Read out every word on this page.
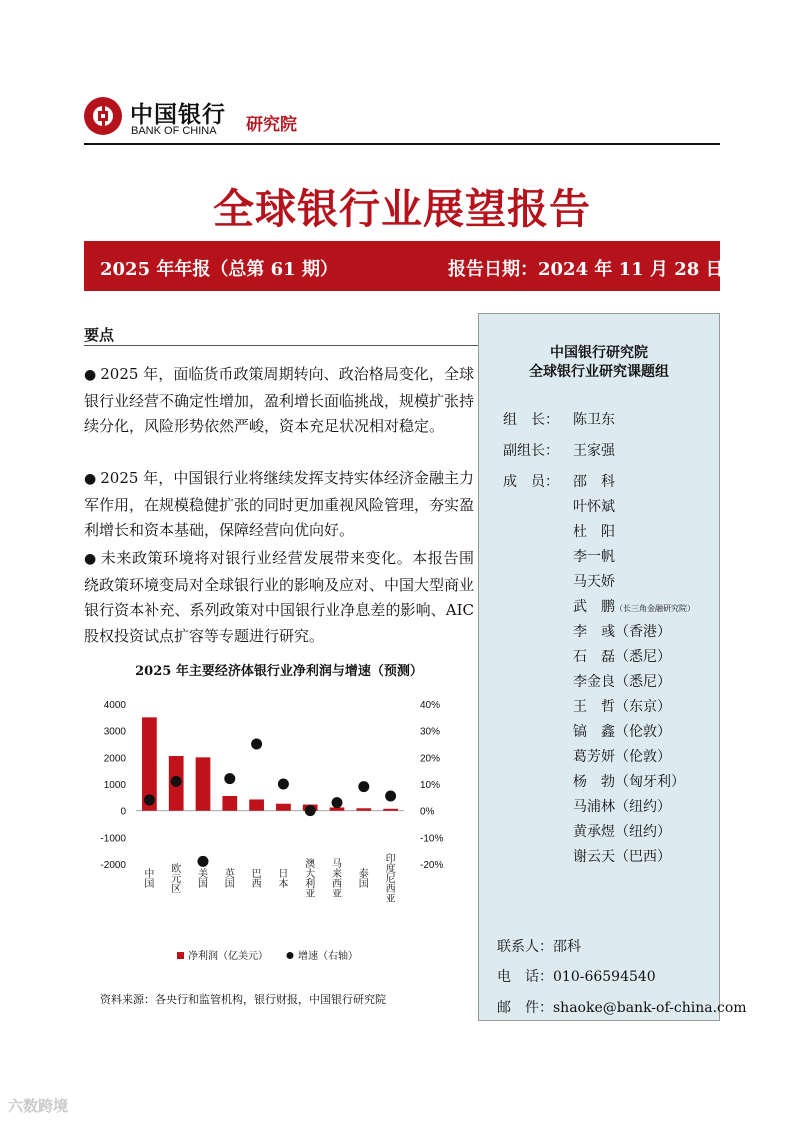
中国银行
BANK OF CHINA 研究院
全球银行业展望报告
2025 年年报（总第 61 期）	报告日期：2024 年 11 月 28 日
要点
● 2025 年，面临货币政策周期转向、政治格局变化，全球银行业经营不确定性增加，盈利增长面临挑战，规模扩张持续分化，风险形势依然严峻，资本充足状况相对稳定。
● 2025 年，中国银行业将继续发挥支持实体经济金融主力军作用，在规模稳健扩张的同时更加重视风险管理，夯实盈利增长和资本基础，保障经营向优向好。
● 未来政策环境将对银行业经营发展带来变化。本报告围绕政策环境变局对全球银行业的影响及应对、中国大型商业银行资本补充、系列政策对中国银行业净息差的影响、AIC 股权投资试点扩容等专题进行研究。
2025 年主要经济体银行业净利润与增速（预测）
4000
3000
2000
1000
0
-1000
-2000
40%
30%
20%
10%
0%
-10%
-20%
中国 欧元区 美国 英国 巴西 日本 澳大利亚 马来西亚 泰国 印度尼西亚
净利润（亿美元）	增速（右轴）
资料来源：各央行和监管机构，银行财报，中国银行研究院
中国银行研究院
全球银行业研究课题组
组　长： 陈卫东
副组长： 王家强
成　员： 邵　科
叶怀斌
杜　阳
李一帆
马天娇
武　鹏（长三角金融研究院）
李　彧（香港）
石　磊（悉尼）
李金良（悉尼）
王　哲（东京）
镐　鑫（伦敦）
葛芳妍（伦敦）
杨　勃（匈牙利）
马浦林（纽约）
黄承煜（纽约）
谢云天（巴西）
联系人：邵科
电　话：010-66594540
邮　件：shaoke@bank-of-china.com
六数跨境
